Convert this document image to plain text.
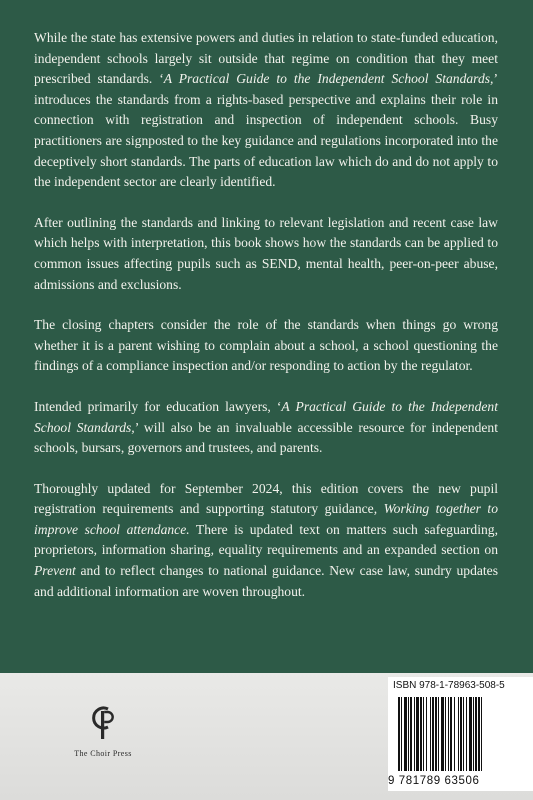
While the state has extensive powers and duties in relation to state-funded education, independent schools largely sit outside that regime on condition that they meet prescribed standards. ‘A Practical Guide to the Independent School Standards,’ introduces the standards from a rights-based perspective and explains their role in connection with registration and inspection of independent schools. Busy practitioners are signposted to the key guidance and regulations incorporated into the deceptively short standards. The parts of education law which do and do not apply to the independent sector are clearly identified.

After outlining the standards and linking to relevant legislation and recent case law which helps with interpretation, this book shows how the standards can be applied to common issues affecting pupils such as SEND, mental health, peer-on-peer abuse, admissions and exclusions.

The closing chapters consider the role of the standards when things go wrong whether it is a parent wishing to complain about a school, a school questioning the findings of a compliance inspection and/or responding to action by the regulator.

Intended primarily for education lawyers, ‘A Practical Guide to the Independent School Standards,’ will also be an invaluable accessible resource for independent schools, bursars, governors and trustees, and parents.

Thoroughly updated for September 2024, this edition covers the new pupil registration requirements and supporting statutory guidance, Working together to improve school attendance. There is updated text on matters such safeguarding, proprietors, information sharing, equality requirements and an expanded section on Prevent and to reflect changes to national guidance. New case law, sundry updates and additional information are woven throughout.

The Choir Press
ISBN 978-1-78963-508-5
9 781789 63506
